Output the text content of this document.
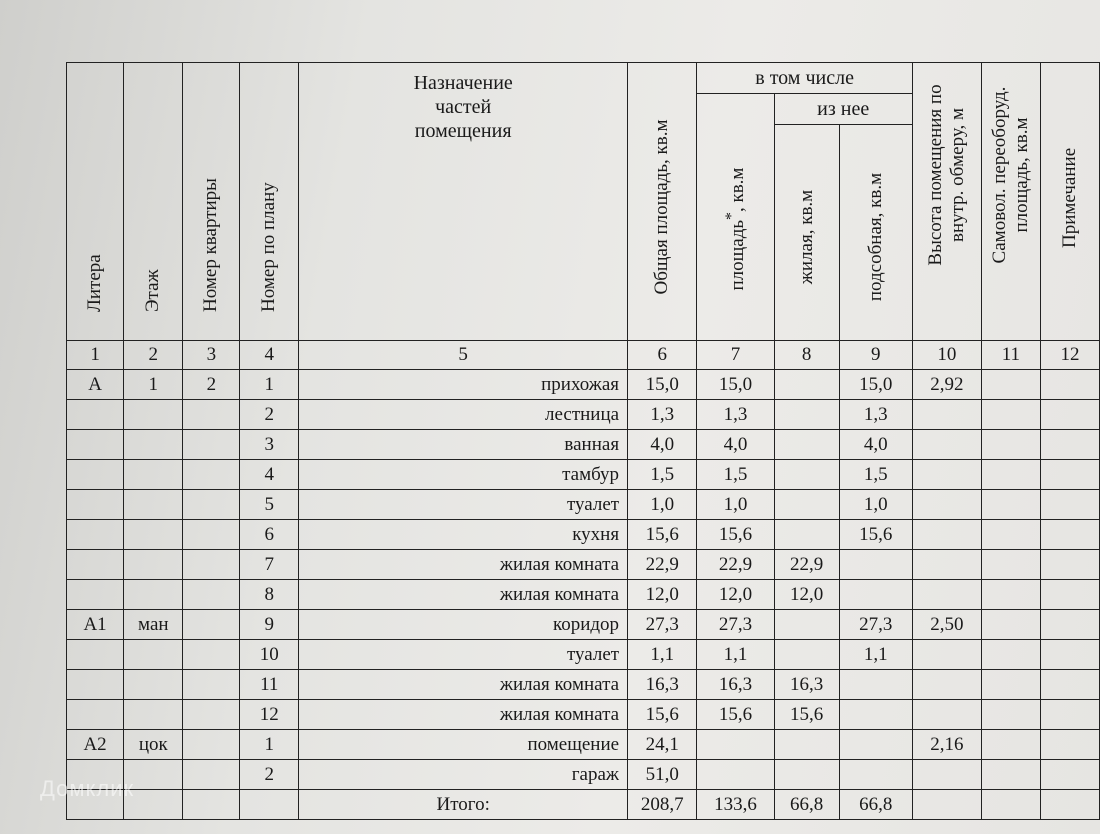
Литера	Этаж	Номер квартиры	Номер по плану	Назначение частей помещения	Общая площадь, кв.м	в том числе			Высота помещения по внутр. обмеру, м	Самовол. переоборуд. площадь, кв.м	Примечание

						площадь*, кв.м	из нее				

							жилая, кв.м	подсобная, кв.м			

1	2	3	4	5	6	7	8	9	10	11	12
А	1	2	1	прихожая	15,0	15,0		15,0	2,92		
			2	лестница	1,3	1,3		1,3			
			3	ванная	4,0	4,0		4,0			
			4	тамбур	1,5	1,5		1,5			
			5	туалет	1,0	1,0		1,0			
			6	кухня	15,6	15,6		15,6			
			7	жилая комната	22,9	22,9	22,9				
			8	жилая комната	12,0	12,0	12,0				
А1	ман		9	коридор	27,3	27,3		27,3	2,50		
			10	туалет	1,1	1,1		1,1			
			11	жилая комната	16,3	16,3	16,3				
			12	жилая комната	15,6	15,6	15,6				
А2	цок		1	помещение	24,1				2,16		
			2	гараж	51,0						
				Итого:	208,7	133,6	66,8	66,8			
Домклик
